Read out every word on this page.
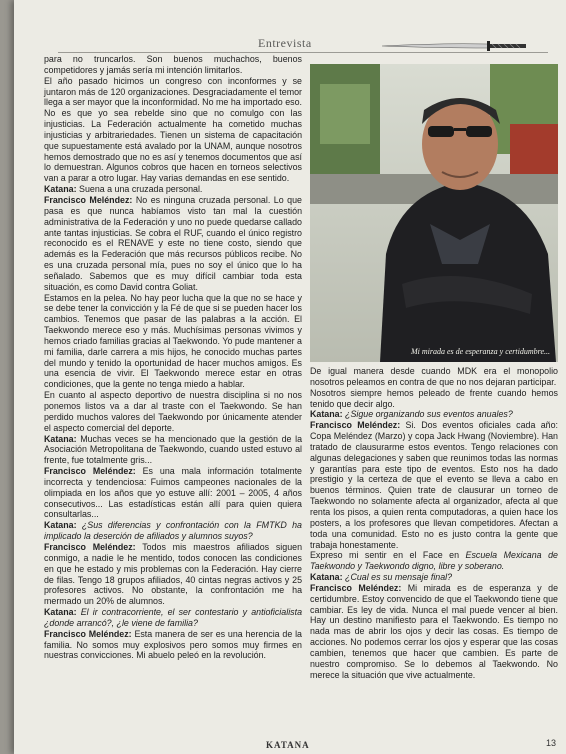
Entrevista
Mi mirada es de esperanza y certidumbre...

para no truncarlos. Son buenos muchachos, buenos competidores y jamás sería mi intención limitarlos.

El año pasado hicimos un congreso con inconformes y se juntaron más de 120 organizaciones. Desgraciadamente el temor llega a ser mayor que la inconformidad. No me ha importado eso. No es que yo sea rebelde sino que no comulgo con las injusticias. La Federación actualmente ha cometido muchas injusticias y arbitrariedades. Tienen un sistema de capacitación que supuestamente está avalado por la UNAM, aunque nosotros hemos demostrado que no es así y tenemos documentos que así lo demuestran. Algunos cobros que hacen en torneos selectivos van a parar a otro lugar. Hay varias demandas en ese sentido.

Katana: Suena a una cruzada personal.

Francisco Meléndez: No es ninguna cruzada personal. Lo que pasa es que nunca habíamos visto tan mal la cuestión administrativa de la Federación y uno no puede quedarse callado ante tantas injusticias. Se cobra el RUF, cuando el único registro reconocido es el RENAVE y este no tiene costo, siendo que además es la Federación que más recursos públicos recibe. No es una cruzada personal mía, pues no soy el único que lo ha señalado. Sabemos que es muy difícil cambiar toda esta situación, es como David contra Goliat.

Estamos en la pelea. No hay peor lucha que la que no se hace y se debe tener la convicción y la Fé de que si se pueden hacer los cambios. Tenemos que pasar de las palabras a la acción. El Taekwondo merece eso y más. Muchísimas personas vivimos y hemos criado familias gracias al Taekwondo. Yo pude mantener a mi familia, darle carrera a mis hijos, he conocido muchas partes del mundo y tenido la oportunidad de hacer muchos amigos. Es una esencia de vivir. El Taekwondo merece estar en otras condiciones, que la gente no tenga miedo a hablar.

En cuanto al aspecto deportivo de nuestra disciplina si no nos ponemos listos va a dar al traste con el Taekwondo. Se han perdido muchos valores del Taekwondo por únicamente atender el aspecto comercial del deporte.

Katana: Muchas veces se ha mencionado que la gestión de la Asociación Metropolitana de Taekwondo, cuando usted estuvo al frente, fue totalmente gris...

Francisco Meléndez: Es una mala información totalmente incorrecta y tendenciosa: Fuimos campeones nacionales de la olimpiada en los años que yo estuve allí: 2001 – 2005, 4 años consecutivos... Las estadísticas están allí para quien quiera consultarlas...

Katana: ¿Sus diferencias y confrontación con la FMTKD ha implicado la deserción de afiliados y alumnos suyos?

Francisco Meléndez: Todos mis maestros afiliados siguen conmigo, a nadie le he mentido, todos conocen las condiciones en que he estado y mis problemas con la Federación. Hay cierre de filas. Tengo 18 grupos afiliados, 40 cintas negras activos y 25 profesores activos. No obstante, la confrontación me ha mermado un 20% de alumnos.

Katana: El ir contracorriente, el ser contestario y antioficialista ¿donde arrancó?, ¿le viene de familia?

Francisco Meléndez: Esta manera de ser es una herencia de la familia. No somos muy explosivos pero somos muy firmes en nuestras convicciones. Mi abuelo peleó en la revolución.

De igual manera desde cuando MDK era el monopolio nosotros peleamos en contra de que no nos dejaran participar.

Nosotros siempre hemos peleado de frente cuando hemos tenido que decir algo.

Katana: ¿Sigue organizando sus eventos anuales?

Francisco Meléndez: Si. Dos eventos oficiales cada año: Copa Meléndez (Marzo) y copa Jack Hwang (Noviembre). Han tratado de clausurarme estos eventos. Tengo relaciones con algunas delegaciones y saben que reunimos todas las normas y garantías para este tipo de eventos. Esto nos ha dado prestigio y la certeza de que el evento se lleva a cabo en buenos términos. Quien trate de clausurar un torneo de Taekwondo no solamente afecta al organizador, afecta al que renta los pisos, a quien renta computadoras, a quien hace los posters, a los profesores que llevan competidores. Afectan a toda una comunidad. Esto no es justo contra la gente que trabaja honestamente.

Expreso mi sentir en el Face en Escuela Mexicana de Taekwondo y Taekwondo digno, libre y soberano.

Katana: ¿Cual es su mensaje final?

Francisco Meléndez: Mi mirada es de esperanza y de certidumbre. Estoy convencido de que el Taekwondo tiene que cambiar. Es ley de vida. Nunca el mal puede vencer al bien. Hay un destino manifiesto para el Taekwondo. Es tiempo no nada mas de abrir los ojos y decir las cosas. Es tiempo de acciones. No podemos cerrar los ojos y esperar que las cosas cambien, tenemos que hacer que cambien. Es parte de nuestro compromiso. Se lo debemos al Taekwondo. No merece la situación que vive actualmente.

KATANA	13
